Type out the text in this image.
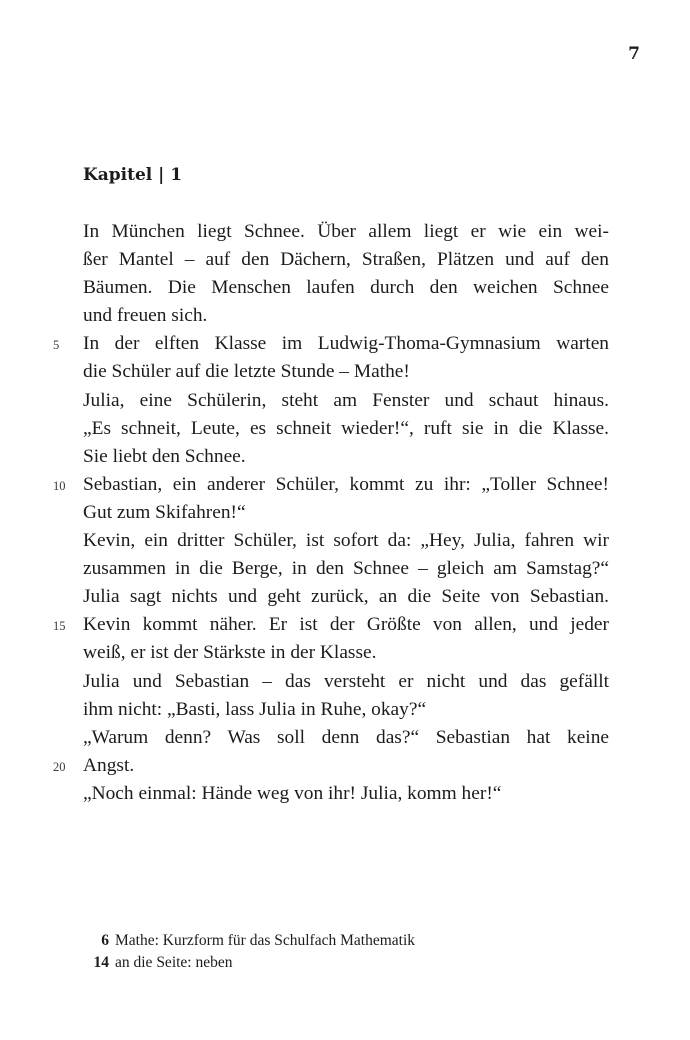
7
Kapitel | 1
In München liegt Schnee. Über allem liegt er wie ein wei-
ßer Mantel – auf den Dächern, Straßen, Plätzen und auf den
Bäumen. Die Menschen laufen durch den weichen Schnee
und freuen sich.
5	In der elften Klasse im Ludwig-Thoma-Gymnasium warten
die Schüler auf die letzte Stunde – Mathe!
Julia, eine Schülerin, steht am Fenster und schaut hinaus.
„Es schneit, Leute, es schneit wieder!“, ruft sie in die Klasse.
Sie liebt den Schnee.
10 Sebastian, ein anderer Schüler, kommt zu ihr: „Toller Schnee!
Gut zum Skifahren!“
Kevin, ein dritter Schüler, ist sofort da: „Hey, Julia, fahren wir
zusammen in die Berge, in den Schnee – gleich am Samstag?“
Julia sagt nichts und geht zurück, an die Seite von Sebastian.
15 Kevin kommt näher. Er ist der Größte von allen, und jeder
weiß, er ist der Stärkste in der Klasse.
Julia und Sebastian – das versteht er nicht und das gefällt
ihm nicht: „Basti, lass Julia in Ruhe, okay?“
„Warum denn? Was soll denn das?“ Sebastian hat keine
20 Angst.
„Noch einmal: Hände weg von ihr! Julia, komm her!“
6 Mathe: Kurzform für das Schulfach Mathematik
14 an die Seite: neben
